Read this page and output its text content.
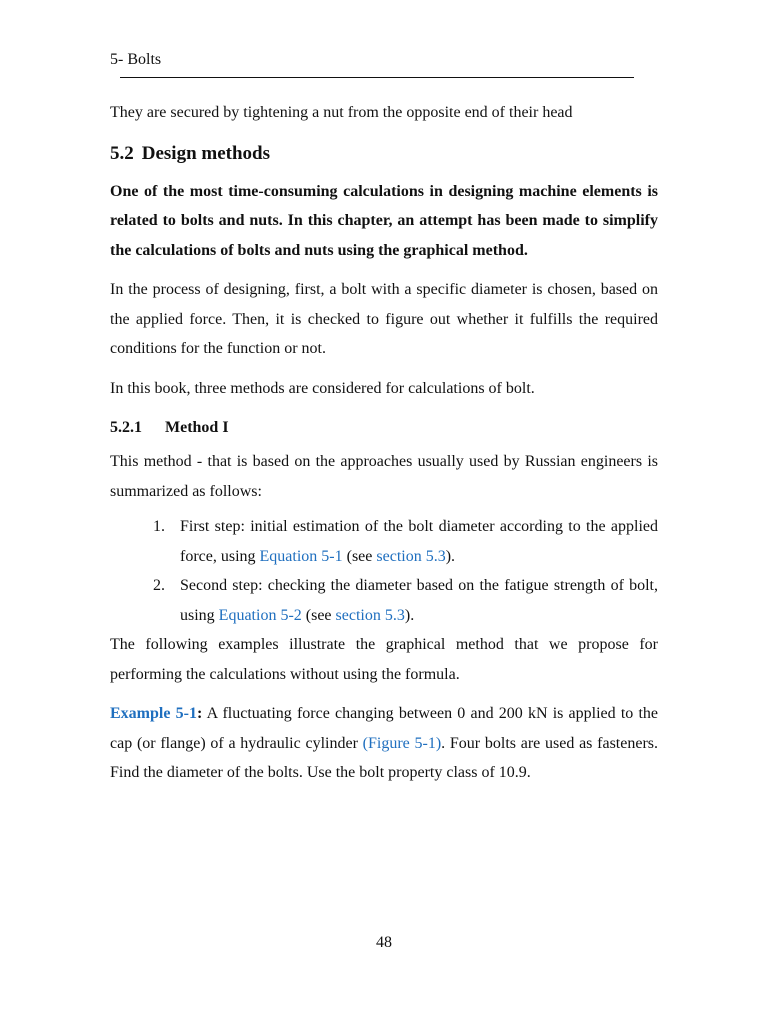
5- Bolts

They are secured by tightening a nut from the opposite end of their head

5.2 Design methods

One of the most time-consuming calculations in designing machine elements is related to bolts and nuts. In this chapter, an attempt has been made to simplify the calculations of bolts and nuts using the graphical method.

In the process of designing, first, a bolt with a specific diameter is chosen, based on the applied force. Then, it is checked to figure out whether it fulfills the required conditions for the function or not.

In this book, three methods are considered for calculations of bolt.

5.2.1 Method I

This method - that is based on the approaches usually used by Russian engineers is summarized as follows:

1. First step: initial estimation of the bolt diameter according to the applied force, using Equation 5-1 (see section 5.3).
2. Second step: checking the diameter based on the fatigue strength of bolt, using Equation 5-2 (see section 5.3).

The following examples illustrate the graphical method that we propose for performing the calculations without using the formula.

Example 5-1: A fluctuating force changing between 0 and 200 kN is applied to the cap (or flange) of a hydraulic cylinder (Figure 5-1). Four bolts are used as fasteners. Find the diameter of the bolts. Use the bolt property class of 10.9.

48
